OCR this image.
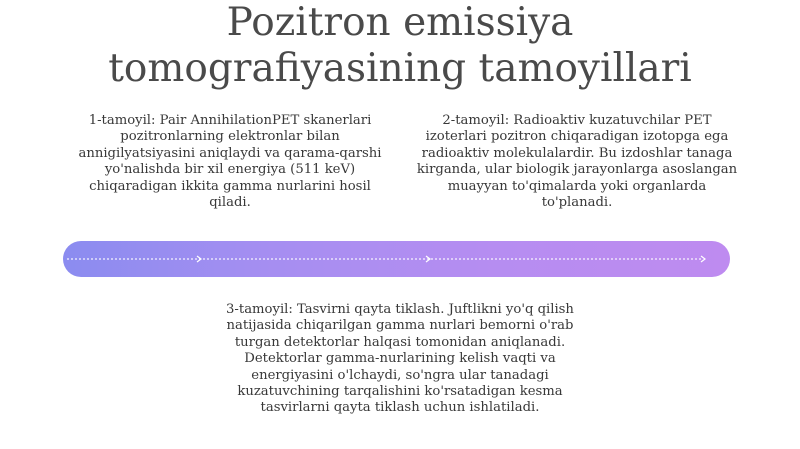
Pozitron emissiya
tomografiyasining tamoyillari

1-tamoyil: Pair AnnihilationPET skanerlari pozitronlarning elektronlar bilan annigilyatsiyasini aniqlaydi va qarama-qarshi yo'nalishda bir xil energiya (511 keV) chiqaradigan ikkita gamma nurlarini hosil qiladi.

2-tamoyil: Radioaktiv kuzatuvchilar PET izoterlari pozitron chiqaradigan izotopga ega radioaktiv molekulalardir. Bu izdoshlar tanaga kirganda, ular biologik jarayonlarga asoslangan muayyan to'qimalarda yoki organlarda to'planadi.

3-tamoyil: Tasvirni qayta tiklash. Juftlikni yo'q qilish natijasida chiqarilgan gamma nurlari bemorni o'rab turgan detektorlar halqasi tomonidan aniqlanadi. Detektorlar gamma-nurlarining kelish vaqti va energiyasini o'lchaydi, so'ngra ular tanadagi kuzatuvchining tarqalishini ko'rsatadigan kesma tasvirlarni qayta tiklash uchun ishlatiladi.
